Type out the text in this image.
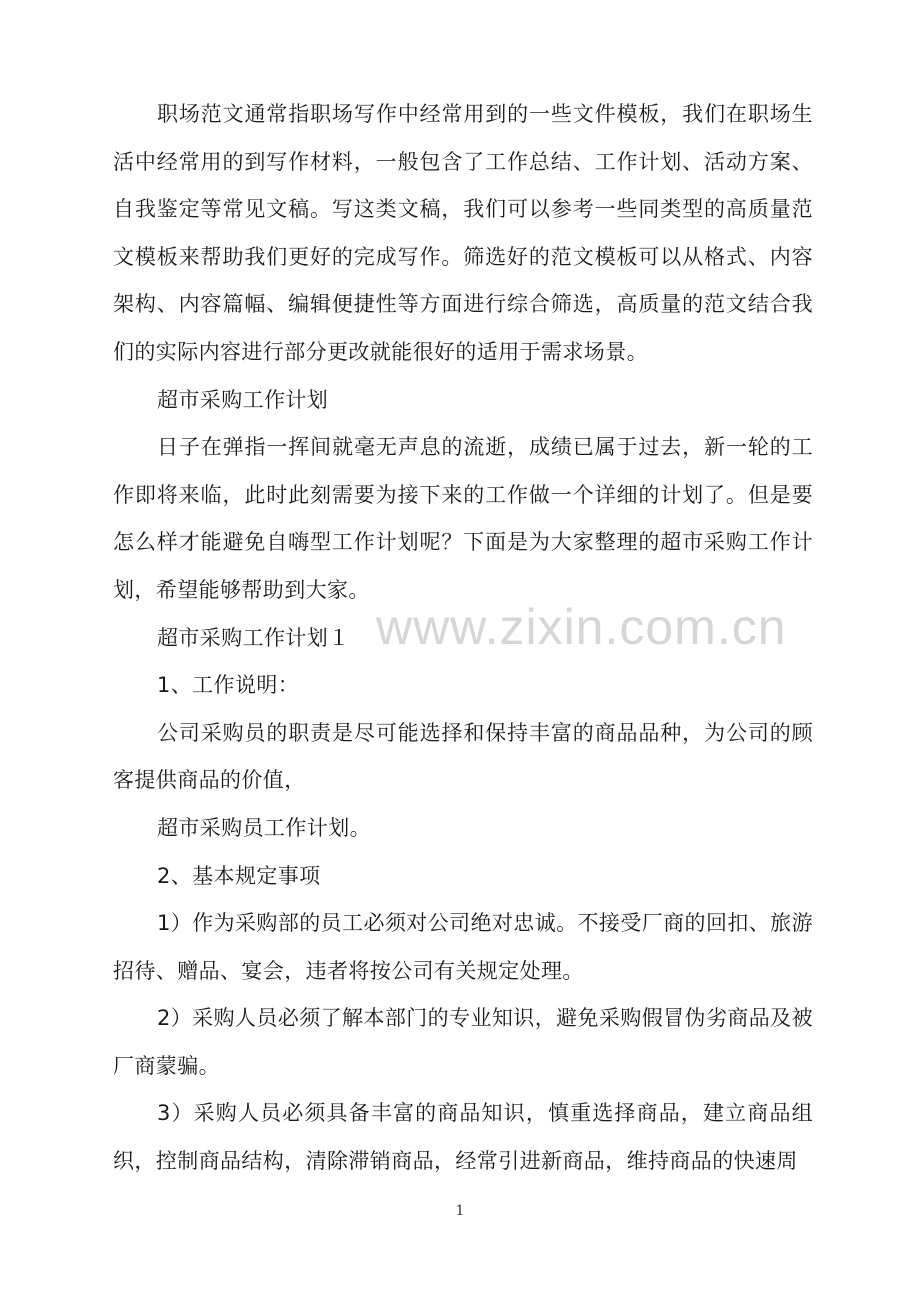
职场范文通常指职场写作中经常用到的一些文件模板，我们在职场生活中经常用的到写作材料，一般包含了工作总结、工作计划、活动方案、自我鉴定等常见文稿。写这类文稿，我们可以参考一些同类型的高质量范文模板来帮助我们更好的完成写作。筛选好的范文模板可以从格式、内容架构、内容篇幅、编辑便捷性等方面进行综合筛选，高质量的范文结合我们的实际内容进行部分更改就能很好的适用于需求场景。

超市采购工作计划

日子在弹指一挥间就毫无声息的流逝，成绩已属于过去，新一轮的工作即将来临，此时此刻需要为接下来的工作做一个详细的计划了。但是要怎么样才能避免自嗨型工作计划呢？下面是为大家整理的超市采购工作计划，希望能够帮助到大家。

超市采购工作计划１

1、工作说明：

公司采购员的职责是尽可能选择和保持丰富的商品品种，为公司的顾客提供商品的价值，

超市采购员工作计划。

2、基本规定事项

1）作为采购部的员工必须对公司绝对忠诚。不接受厂商的回扣、旅游招待、赠品、宴会，违者将按公司有关规定处理。

2）采购人员必须了解本部门的专业知识，避免采购假冒伪劣商品及被厂商蒙骗。

3）采购人员必须具备丰富的商品知识，慎重选择商品，建立商品组织，控制商品结构，清除滞销商品，经常引进新商品，维持商品的快速周

www.zixin.com.cn
1
